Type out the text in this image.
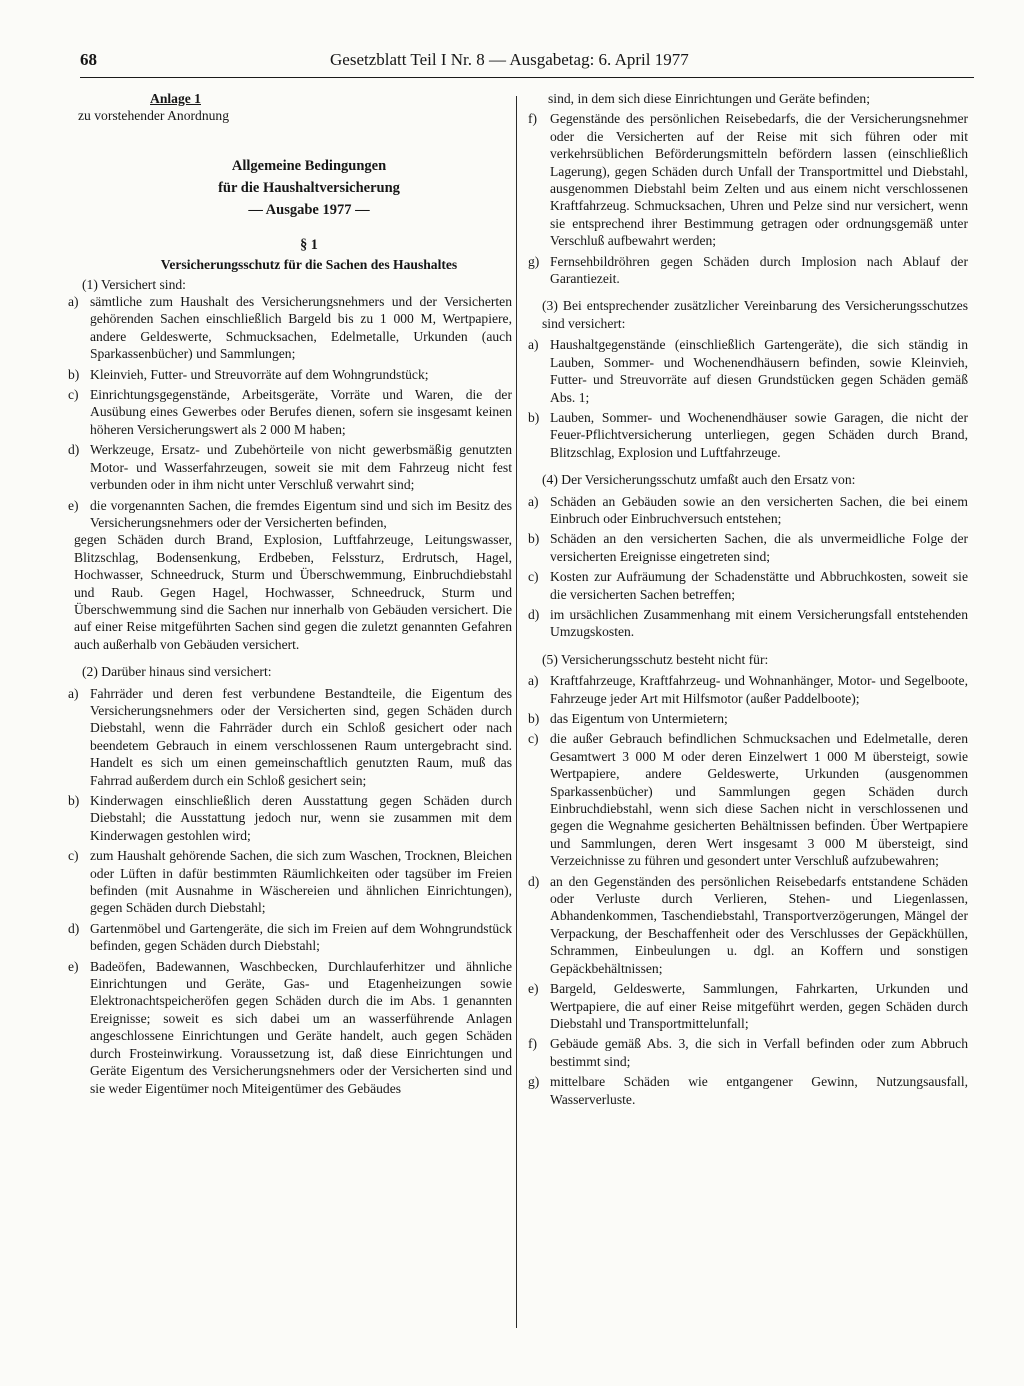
68	Gesetzblatt Teil I Nr. 8 — Ausgabetag: 6. April 1977

Anlage 1

zu vorstehender Anordnung

Allgemeine Bedingungen
für die Haushaltversicherung
— Ausgabe 1977 —

§ 1

Versicherungsschutz für die Sachen des Haushaltes

(1) Versichert sind:

a) sämtliche zum Haushalt des Versicherungsnehmers und der Versicherten gehörenden Sachen einschließlich Bargeld bis zu 1 000 M, Wertpapiere, andere Geldeswerte, Schmucksachen, Edelmetalle, Urkunden (auch Sparkassenbücher) und Sammlungen;
b) Kleinvieh, Futter- und Streuvorräte auf dem Wohngrundstück;
c) Einrichtungsgegenstände, Arbeitsgeräte, Vorräte und Waren, die der Ausübung eines Gewerbes oder Berufes dienen, sofern sie insgesamt keinen höheren Versicherungswert als 2 000 M haben;
d) Werkzeuge, Ersatz- und Zubehörteile von nicht gewerbsmäßig genutzten Motor- und Wasserfahrzeugen, soweit sie mit dem Fahrzeug nicht fest verbunden oder in ihm nicht unter Verschluß verwahrt sind;
e) die vorgenannten Sachen, die fremdes Eigentum sind und sich im Besitz des Versicherungsnehmers oder der Versicherten befinden,

gegen Schäden durch Brand, Explosion, Luftfahrzeuge, Leitungswasser, Blitzschlag, Bodensenkung, Erdbeben, Felssturz, Erdrutsch, Hagel, Hochwasser, Schneedruck, Sturm und Überschwemmung, Einbruchdiebstahl und Raub. Gegen Hagel, Hochwasser, Schneedruck, Sturm und Überschwemmung sind die Sachen nur innerhalb von Gebäuden versichert. Die auf einer Reise mitgeführten Sachen sind gegen die zuletzt genannten Gefahren auch außerhalb von Gebäuden versichert.

(2) Darüber hinaus sind versichert:

a) Fahrräder und deren fest verbundene Bestandteile, die Eigentum des Versicherungsnehmers oder der Versicherten sind, gegen Schäden durch Diebstahl, wenn die Fahrräder durch ein Schloß gesichert oder nach beendetem Gebrauch in einem verschlossenen Raum untergebracht sind. Handelt es sich um einen gemeinschaftlich genutzten Raum, muß das Fahrrad außerdem durch ein Schloß gesichert sein;
b) Kinderwagen einschließlich deren Ausstattung gegen Schäden durch Diebstahl; die Ausstattung jedoch nur, wenn sie zusammen mit dem Kinderwagen gestohlen wird;
c) zum Haushalt gehörende Sachen, die sich zum Waschen, Trocknen, Bleichen oder Lüften in dafür bestimmten Räumlichkeiten oder tagsüber im Freien befinden (mit Ausnahme in Wäschereien und ähnlichen Einrichtungen), gegen Schäden durch Diebstahl;
d) Gartenmöbel und Gartengeräte, die sich im Freien auf dem Wohngrundstück befinden, gegen Schäden durch Diebstahl;
e) Badeöfen, Badewannen, Waschbecken, Durchlauferhitzer und ähnliche Einrichtungen und Geräte, Gas- und Etagenheizungen sowie Elektronachtspeicheröfen gegen Schäden durch die im Abs. 1 genannten Ereignisse; soweit es sich dabei um an wasserführende Anlagen angeschlossene Einrichtungen und Geräte handelt, auch gegen Schäden durch Frosteinwirkung. Voraussetzung ist, daß diese Einrichtungen und Geräte Eigentum des Versicherungsnehmers oder der Versicherten sind und sie weder Eigentümer noch Miteigentümer des Gebäudes

sind, in dem sich diese Einrichtungen und Geräte befinden;

f) Gegenstände des persönlichen Reisebedarfs, die der Versicherungsnehmer oder die Versicherten auf der Reise mit sich führen oder mit verkehrsüblichen Beförderungsmitteln befördern lassen (einschließlich Lagerung), gegen Schäden durch Unfall der Transportmittel und Diebstahl, ausgenommen Diebstahl beim Zelten und aus einem nicht verschlossenen Kraftfahrzeug. Schmucksachen, Uhren und Pelze sind nur versichert, wenn sie entsprechend ihrer Bestimmung getragen oder ordnungsgemäß unter Verschluß aufbewahrt werden;
g) Fernsehbildröhren gegen Schäden durch Implosion nach Ablauf der Garantiezeit.

(3) Bei entsprechender zusätzlicher Vereinbarung des Versicherungsschutzes sind versichert:

a) Haushaltgegenstände (einschließlich Gartengeräte), die sich ständig in Lauben, Sommer- und Wochenendhäusern befinden, sowie Kleinvieh, Futter- und Streuvorräte auf diesen Grundstücken gegen Schäden gemäß Abs. 1;
b) Lauben, Sommer- und Wochenendhäuser sowie Garagen, die nicht der Feuer-Pflichtversicherung unterliegen, gegen Schäden durch Brand, Blitzschlag, Explosion und Luftfahrzeuge.

(4) Der Versicherungsschutz umfaßt auch den Ersatz von:

a) Schäden an Gebäuden sowie an den versicherten Sachen, die bei einem Einbruch oder Einbruchversuch entstehen;
b) Schäden an den versicherten Sachen, die als unvermeidliche Folge der versicherten Ereignisse eingetreten sind;
c) Kosten zur Aufräumung der Schadenstätte und Abbruchkosten, soweit sie die versicherten Sachen betreffen;
d) im ursächlichen Zusammenhang mit einem Versicherungsfall entstehenden Umzugskosten.

(5) Versicherungsschutz besteht nicht für:

a) Kraftfahrzeuge, Kraftfahrzeug- und Wohnanhänger, Motor- und Segelboote, Fahrzeuge jeder Art mit Hilfsmotor (außer Paddelboote);
b) das Eigentum von Untermietern;
c) die außer Gebrauch befindlichen Schmucksachen und Edelmetalle, deren Gesamtwert 3 000 M oder deren Einzelwert 1 000 M übersteigt, sowie Wertpapiere, andere Geldeswerte, Urkunden (ausgenommen Sparkassenbücher) und Sammlungen gegen Schäden durch Einbruchdiebstahl, wenn sich diese Sachen nicht in verschlossenen und gegen die Wegnahme gesicherten Behältnissen befinden. Über Wertpapiere und Sammlungen, deren Wert insgesamt 3 000 M übersteigt, sind Verzeichnisse zu führen und gesondert unter Verschluß aufzubewahren;
d) an den Gegenständen des persönlichen Reisebedarfs entstandene Schäden oder Verluste durch Verlieren, Stehen- und Liegenlassen, Abhandenkommen, Taschendiebstahl, Transportverzögerungen, Mängel der Verpackung, der Beschaffenheit oder des Verschlusses der Gepäckhüllen, Schrammen, Einbeulungen u. dgl. an Koffern und sonstigen Gepäckbehältnissen;
e) Bargeld, Geldeswerte, Sammlungen, Fahrkarten, Urkunden und Wertpapiere, die auf einer Reise mitgeführt werden, gegen Schäden durch Diebstahl und Transportmittelunfall;
f) Gebäude gemäß Abs. 3, die sich in Verfall befinden oder zum Abbruch bestimmt sind;
g) mittelbare Schäden wie entgangener Gewinn, Nutzungsausfall, Wasserverluste.
